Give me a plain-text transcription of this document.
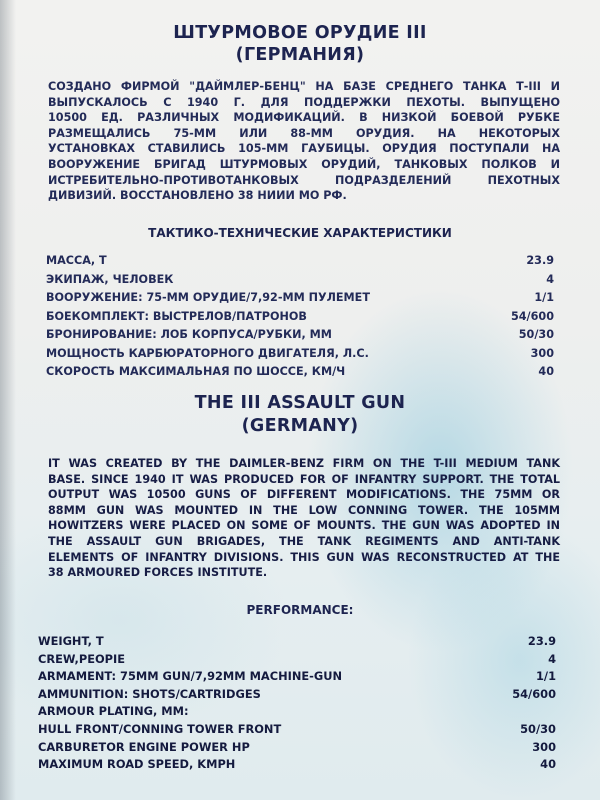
ШТУРМОВОЕ ОРУДИЕ III
(ГЕРМАНИЯ)
СОЗДАНО ФИРМОЙ "ДАЙМЛЕР-БЕНЦ" НА БАЗЕ СРЕДНЕГО ТАНКА Т-III И
ВЫПУСКАЛОСЬ С 1940 Г. ДЛЯ ПОДДЕРЖКИ ПЕХОТЫ. ВЫПУЩЕНО
10500 ЕД. РАЗЛИЧНЫХ МОДИФИКАЦИЙ. В НИЗКОЙ БОЕВОЙ РУБКЕ
РАЗМЕЩАЛИСЬ 75-ММ ИЛИ 88-ММ ОРУДИЯ. НА НЕКОТОРЫХ
УСТАНОВКАХ СТАВИЛИСЬ 105-ММ ГАУБИЦЫ. ОРУДИЯ ПОСТУПАЛИ НА
ВООРУЖЕНИЕ БРИГАД ШТУРМОВЫХ ОРУДИЙ, ТАНКОВЫХ ПОЛКОВ И
ИСТРЕБИТЕЛЬНО-ПРОТИВОТАНКОВЫХ ПОДРАЗДЕЛЕНИЙ ПЕХОТНЫХ
ДИВИЗИЙ. ВОССТАНОВЛЕНО 38 НИИИ МО РФ.
ТАКТИКО-ТЕХНИЧЕСКИЕ ХАРАКТЕРИСТИКИ
МАССА, Т	23.9
ЭКИПАЖ, ЧЕЛОВЕК	4
ВООРУЖЕНИЕ: 75-ММ ОРУДИЕ/7,92-ММ ПУЛЕМЕТ	1/1
БОЕКОМПЛЕКТ: ВЫСТРЕЛОВ/ПАТРОНОВ	54/600
БРОНИРОВАНИЕ: ЛОБ КОРПУСА/РУБКИ, ММ	50/30
МОЩНОСТЬ КАРБЮРАТОРНОГО ДВИГАТЕЛЯ, Л.С.	300
СКОРОСТЬ МАКСИМАЛЬНАЯ ПО ШОССЕ, КМ/Ч	40
THE III ASSAULT GUN
(GERMANY)
IT WAS CREATED BY THE DAIMLER-BENZ FIRM ON THE T-III MEDIUM TANK
BASE. SINCE 1940 IT WAS PRODUCED FOR OF INFANTRY SUPPORT. THE TOTAL
OUTPUT WAS 10500 GUNS OF DIFFERENT MODIFICATIONS. THE 75MM OR
88MM GUN WAS MOUNTED IN THE LOW CONNING TOWER. THE 105MM
HOWITZERS WERE PLACED ON SOME OF MOUNTS. THE GUN WAS ADOPTED IN
THE ASSAULT GUN BRIGADES, THE TANK REGIMENTS AND ANTI-TANK
ELEMENTS OF INFANTRY DIVISIONS. THIS GUN WAS RECONSTRUCTED AT THE
38 ARMOURED FORCES INSTITUTE.
PERFORMANCE:
WEIGHT, T	23.9
CREW,PEOPIE	4
ARMAMENT: 75MM GUN/7,92MM MACHINE-GUN	1/1
AMMUNITION: SHOTS/CARTRIDGES	54/600
ARMOUR PLATING, MM:
HULL FRONT/CONNING TOWER FRONT	50/30
CARBURETOR ENGINE POWER HP	300
MAXIMUM ROAD SPEED, KMPH	40
